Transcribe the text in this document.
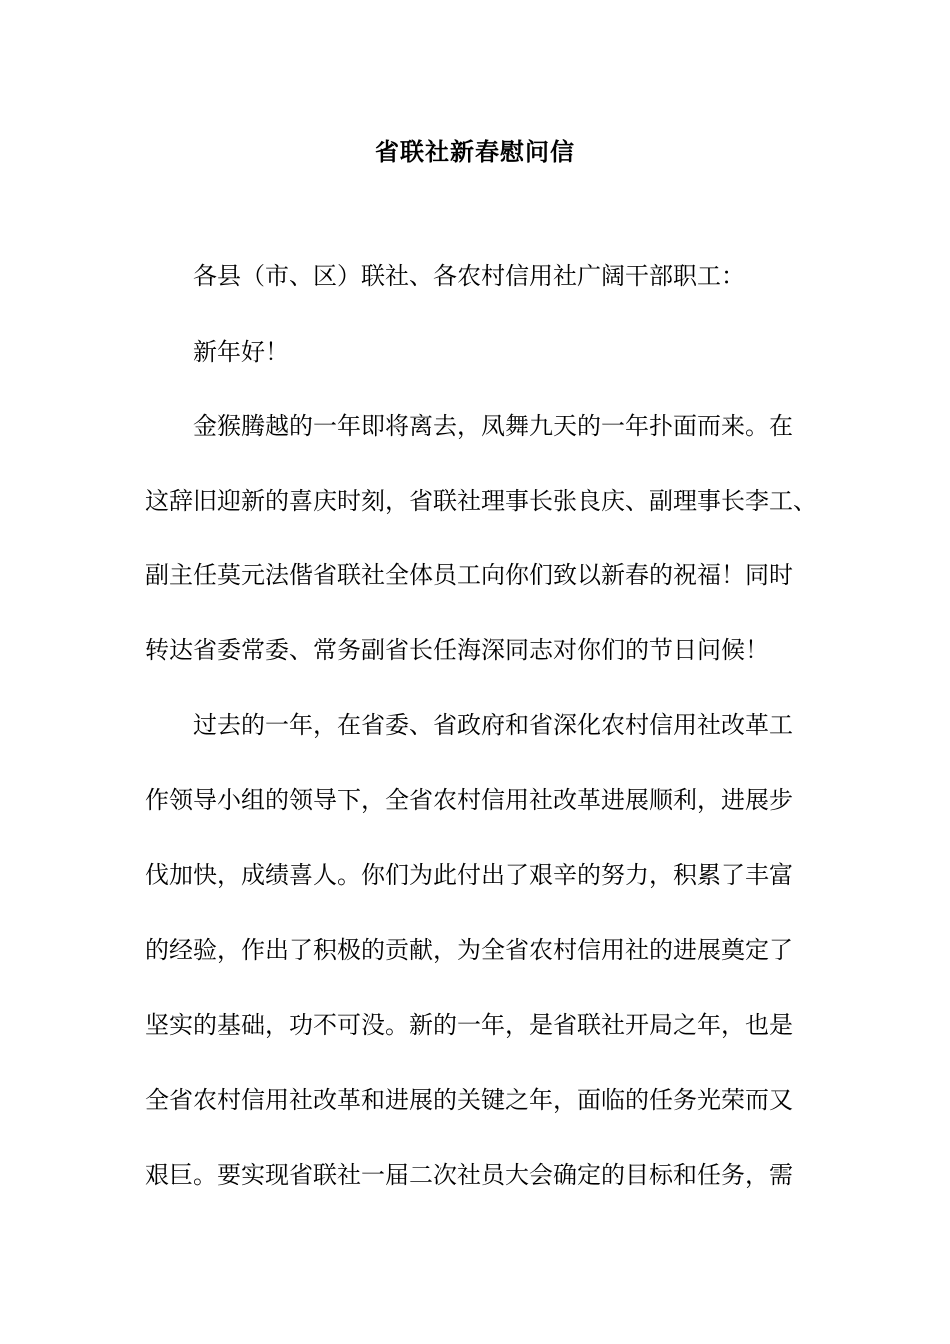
省联社新春慰问信
各县（市、区）联社、各农村信用社广阔干部职工：
新年好！
金猴腾越的一年即将离去，凤舞九天的一年扑面而来。在
这辞旧迎新的喜庆时刻，省联社理事长张良庆、副理事长李工、
副主任莫元法偕省联社全体员工向你们致以新春的祝福！同时
转达省委常委、常务副省长任海深同志对你们的节日问候！
过去的一年，在省委、省政府和省深化农村信用社改革工
作领导小组的领导下，全省农村信用社改革进展顺利，进展步
伐加快，成绩喜人。你们为此付出了艰辛的努力，积累了丰富
的经验，作出了积极的贡献，为全省农村信用社的进展奠定了
坚实的基础，功不可没。新的一年，是省联社开局之年，也是
全省农村信用社改革和进展的关键之年，面临的任务光荣而又
艰巨。要实现省联社一届二次社员大会确定的目标和任务，需
